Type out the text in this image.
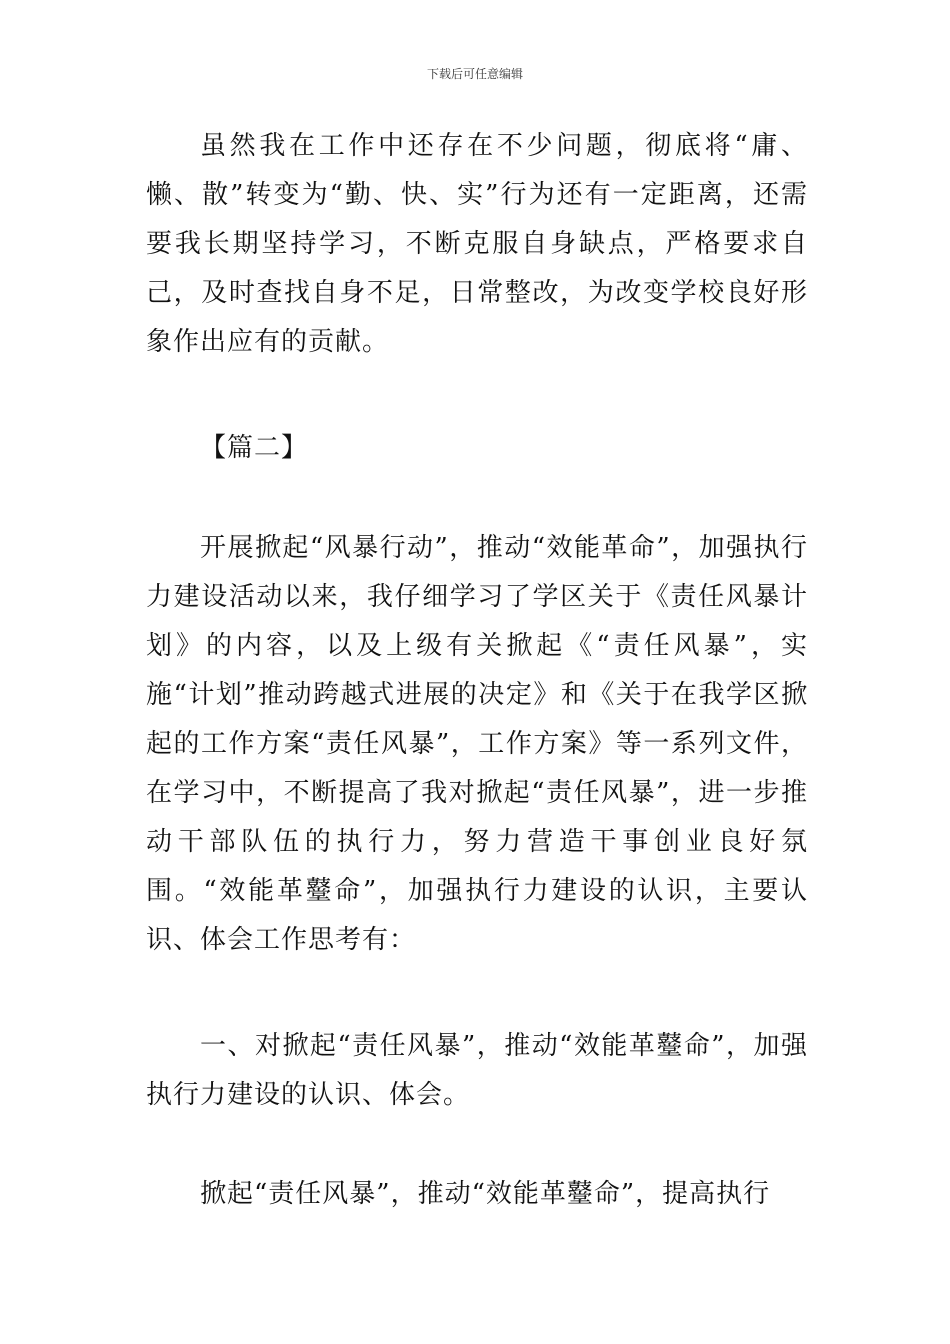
下载后可任意编辑

虽然我在工作中还存在不少问题，彻底将“庸、懒、散”转变为“勤、快、实”行为还有一定距离，还需要我长期坚持学习，不断克服自身缺点，严格要求自己，及时查找自身不足，日常整改，为改变学校良好形象作出应有的贡献。

【篇二】

开展掀起“风暴行动”，推动“效能革命”，加强执行力建设活动以来，我仔细学习了学区关于《责任风暴计划》的内容，以及上级有关掀起《“责任风暴”，实施“计划”推动跨越式进展的决定》和《关于在我学区掀起的工作方案“责任风暴”，工作方案》等一系列文件，在学习中，不断提高了我对掀起“责任风暴”，进一步推动干部队伍的执行力，努力营造干事创业良好氛围。“效能革鼞命”，加强执行力建设的认识，主要认识、体会工作思考有：

一、对掀起“责任风暴”，推动“效能革鼞命”，加强执行力建设的认识、体会。

掀起“责任风暴”，推动“效能革鼞命”，提高执行
